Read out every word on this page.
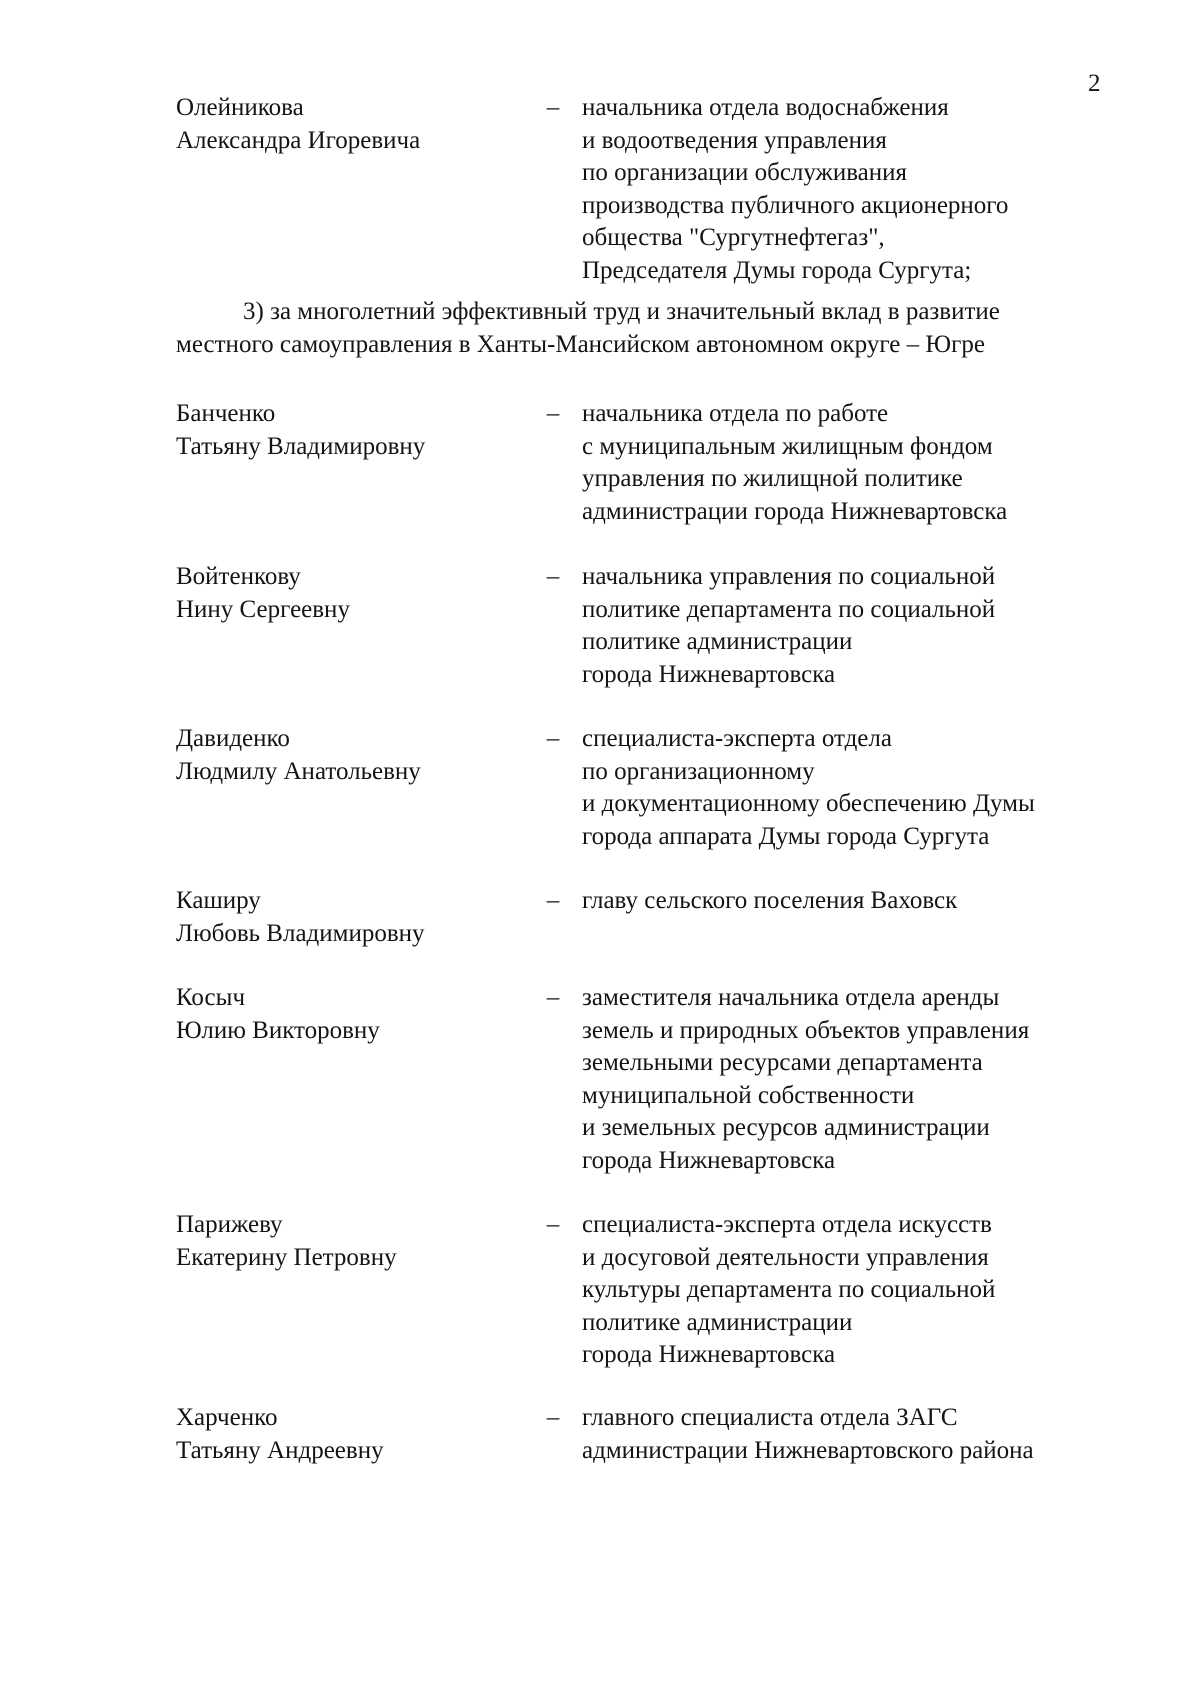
2
Олейникова
Александра Игоревича
– начальника отдела водоснабжения
и водоотведения управления
по организации обслуживания
производства публичного акционерного
общества "Сургутнефтегаз",
Председателя Думы города Сургута;
3) за многолетний эффективный труд и значительный вклад в развитие
местного самоуправления в Ханты-Мансийском автономном округе – Югре
Банченко
Татьяну Владимировну
– начальника отдела по работе
с муниципальным жилищным фондом
управления по жилищной политике
администрации города Нижневартовска
Войтенкову
Нину Сергеевну
– начальника управления по социальной
политике департамента по социальной
политике администрации
города Нижневартовска
Давиденко
Людмилу Анатольевну
– специалиста-эксперта отдела
по организационному
и документационному обеспечению Думы
города аппарата Думы города Сургута
Каширу
Любовь Владимировну
– главу сельского поселения Ваховск
Косыч
Юлию Викторовну
– заместителя начальника отдела аренды
земель и природных объектов управления
земельными ресурсами департамента
муниципальной собственности
и земельных ресурсов администрации
города Нижневартовска
Парижеву
Екатерину Петровну
– специалиста-эксперта отдела искусств
и досуговой деятельности управления
культуры департамента по социальной
политике администрации
города Нижневартовска
Харченко
Татьяну Андреевну
– главного специалиста отдела ЗАГС
администрации Нижневартовского района
